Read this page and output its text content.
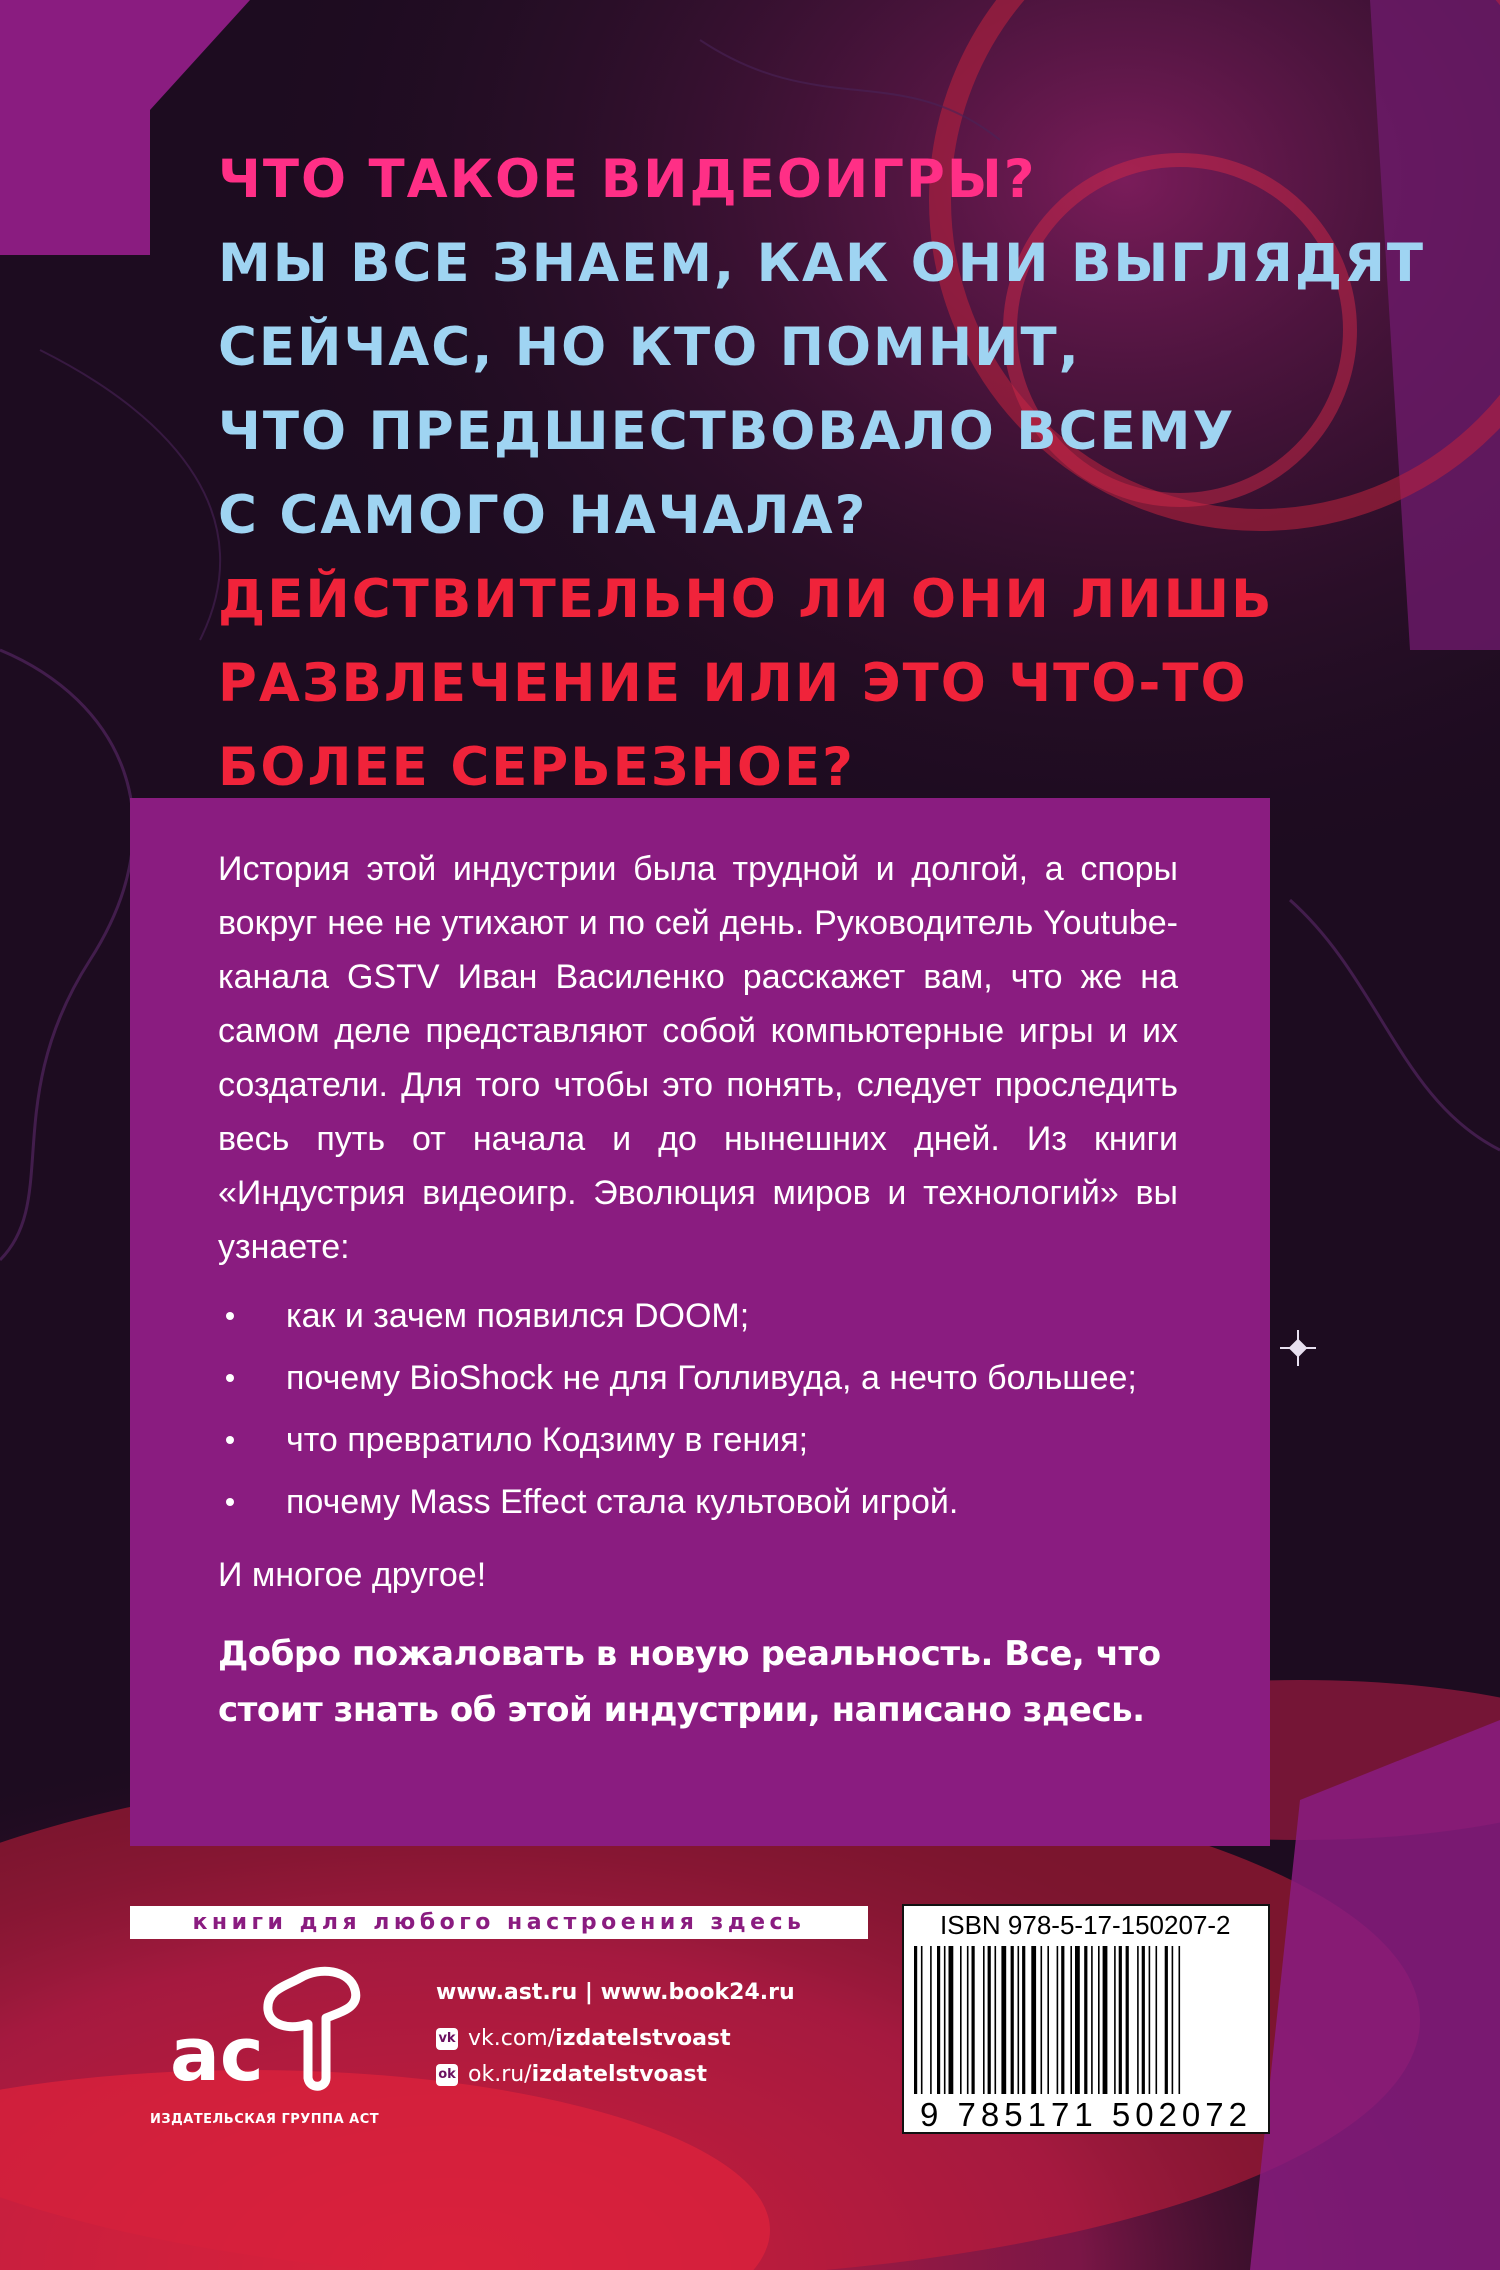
ЧТО ТАКОЕ ВИДЕОИГРЫ?
МЫ ВСЕ ЗНАЕМ, КАК ОНИ ВЫГЛЯДЯТ
СЕЙЧАС, НО КТО ПОМНИТ,
ЧТО ПРЕДШЕСТВОВАЛО ВСЕМУ
С САМОГО НАЧАЛА?
ДЕЙСТВИТЕЛЬНО ЛИ ОНИ ЛИШЬ
РАЗВЛЕЧЕНИЕ ИЛИ ЭТО ЧТО-ТО
БОЛЕЕ СЕРЬЕЗНОЕ?

История этой индустрии была трудной и долгой, а споры вокруг нее не утихают и по сей день. Руководитель Youtube-канала GSTV Иван Василенко расскажет вам, что же на самом деле представляют собой компьютерные игры и их создатели. Для того чтобы это понять, следует проследить весь путь от начала и до нынешних дней. Из книги «Индустрия видеоигр. Эволюция миров и технологий» вы узнаете:

как и зачем появился DOOM;
почему BioShock не для Голливуда, а нечто большее;
что превратило Кодзиму в гения;
почему Mass Effect стала культовой игрой.

И многое другое!

Добро пожаловать в новую реальность. Все, что стоит знать об этой индустрии, написано здесь.

книги для любого настроения здесь
ac
ИЗДАТЕЛЬСКАЯ ГРУППА АСТ
www.ast.ru | www.book24.ru
vk vk.com/ izdatelstvoast
ok ok.ru/ izdatelstvoast
ISBN 978-5-17-150207-2
9 785171 502072
